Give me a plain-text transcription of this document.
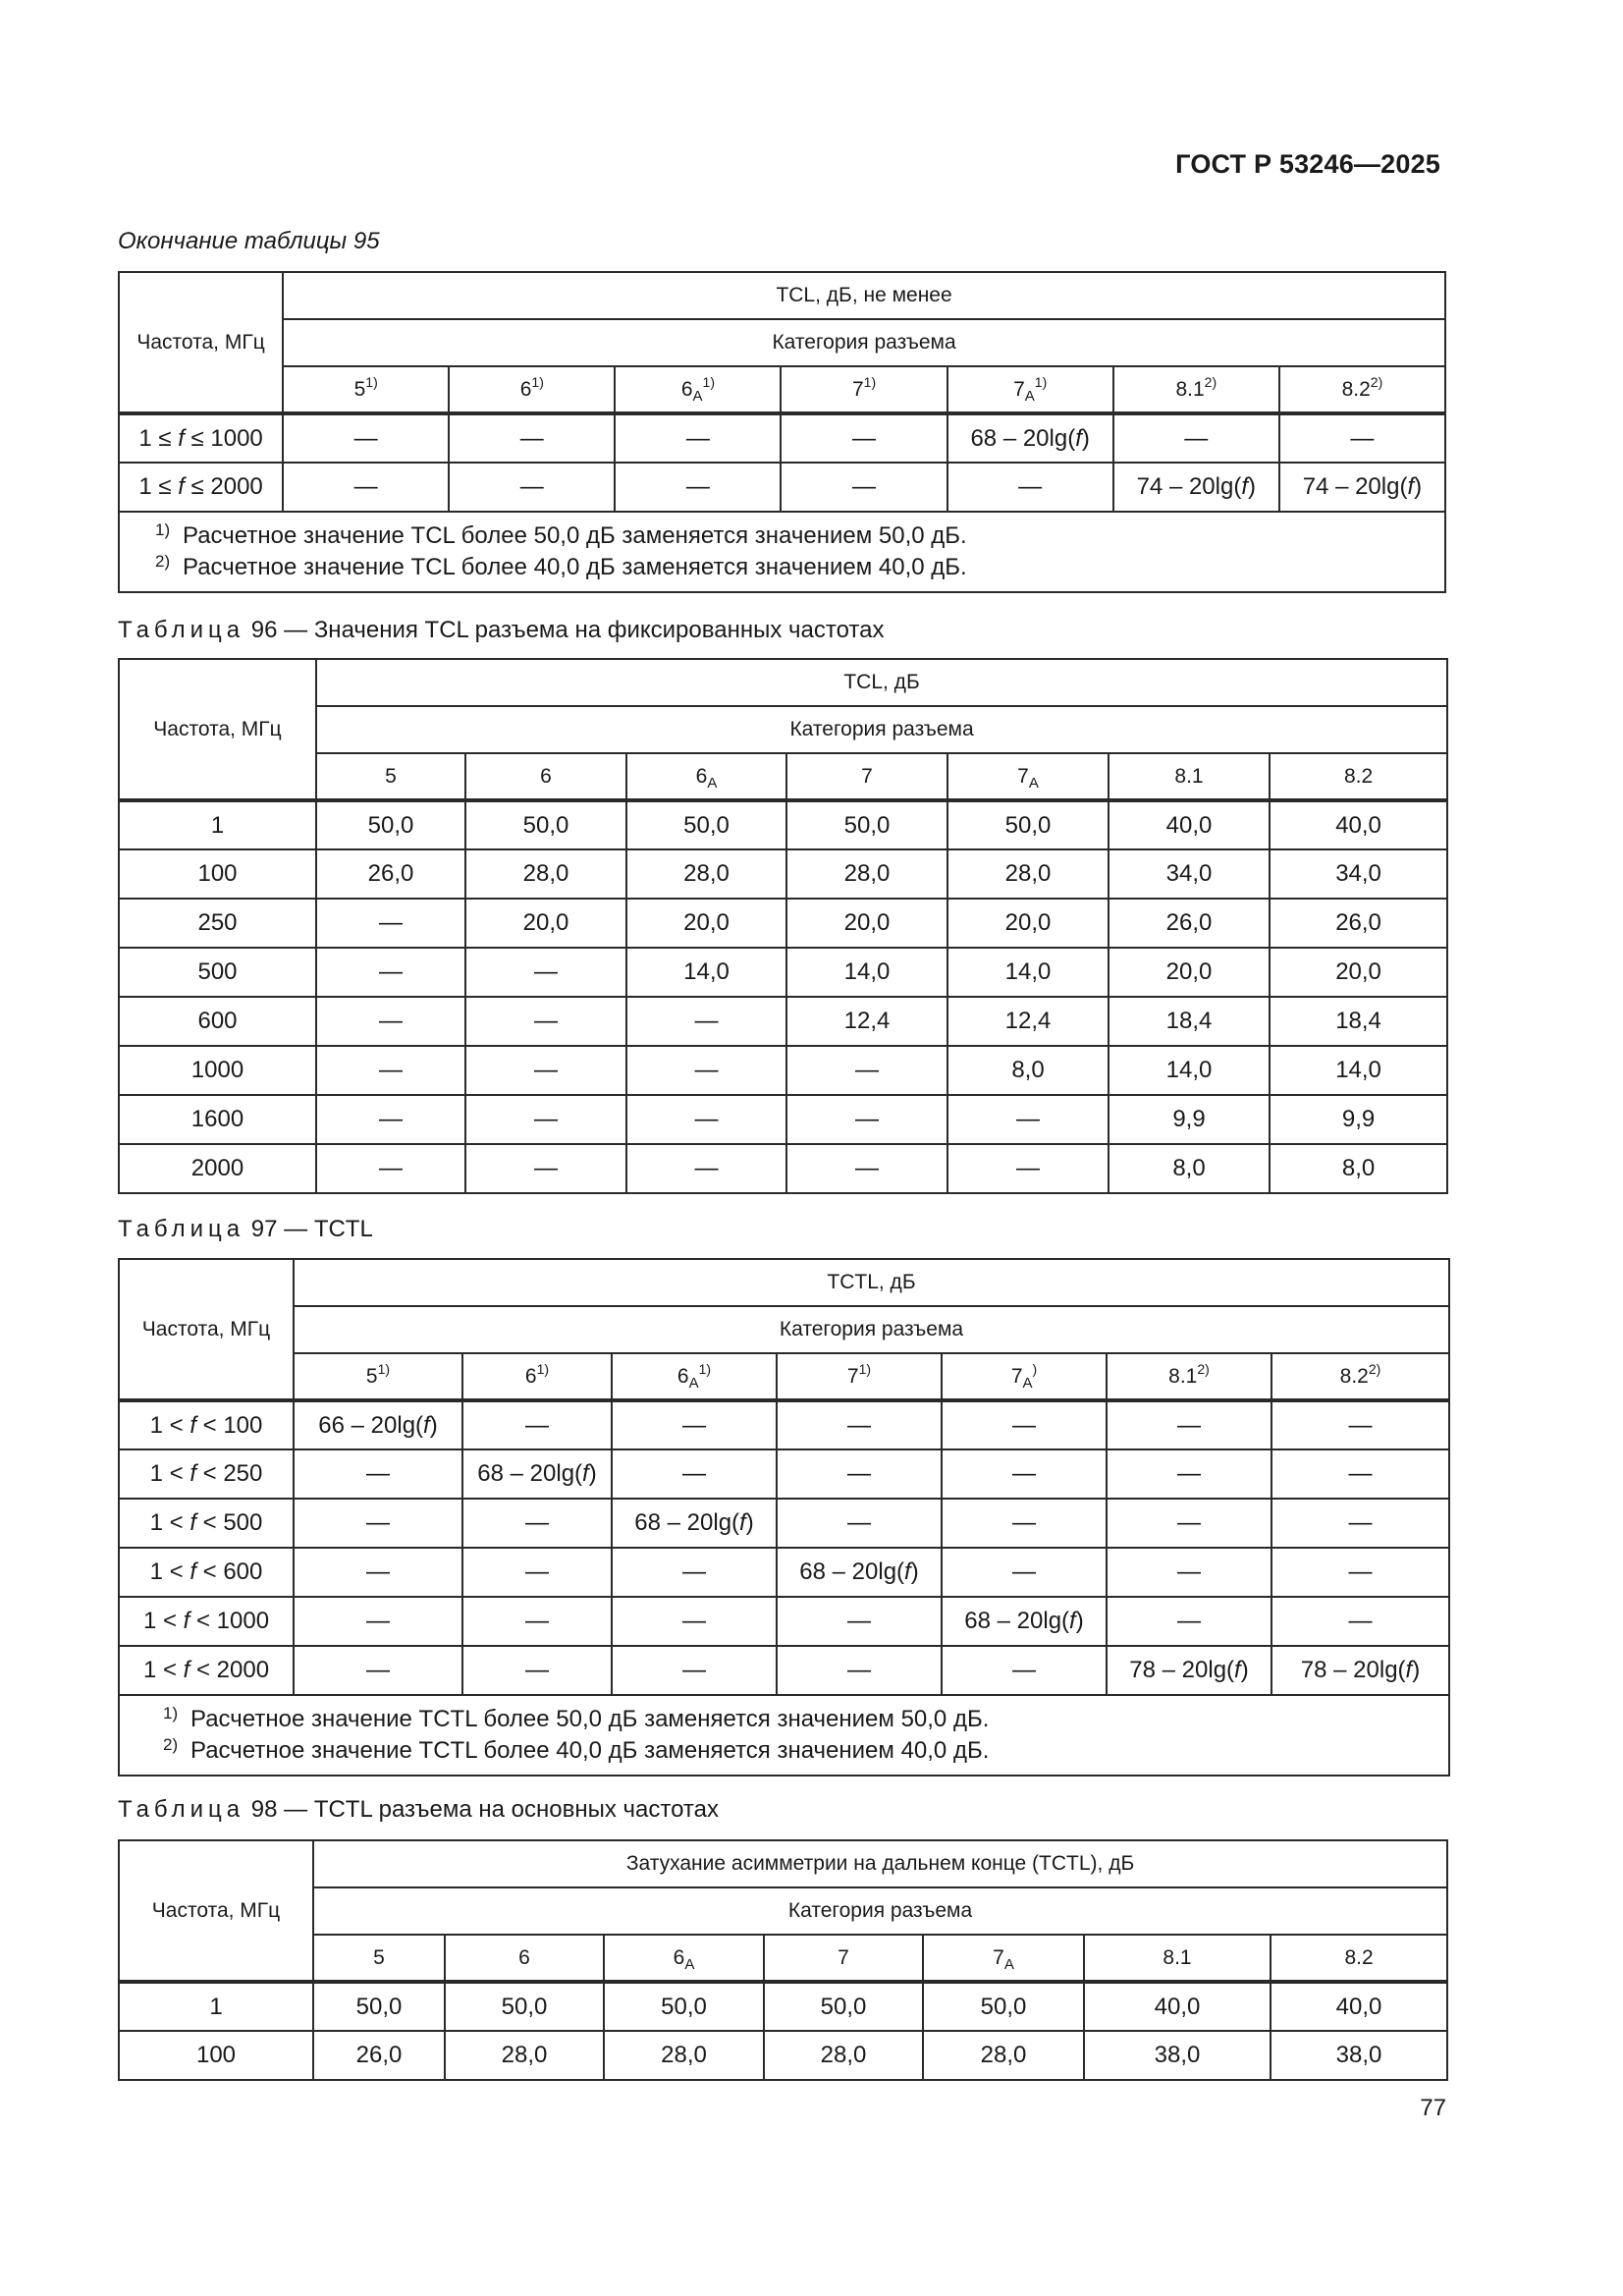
ГОСТ Р 53246—2025
Окончание таблицы 95
Частота, МГц	TCL, дБ, не менее						
	Категория разъема						
	5$^{1)}$	6$^{1)}$	$6_A^{1)}$	7$^{1)}$	$7_A^{1)}$	8.1$^{2)}$	8.2$^{2)}$
1 ≤ f ≤ 1000	—	—	—	—	68 – 20lg(f)	—	—
1 ≤ f ≤ 2000	—	—	—	—	—	74 – 20lg(f)	74 – 20lg(f)

1) Расчетное значение TCL более 50,0 дБ заменяется значением 50,0 дБ.
2) Расчетное значение TCL более 40,0 дБ заменяется значением 40,0 дБ.							
Таблица 96 — Значения TCL разъема на фиксированных частотах
Частота, МГц	TCL, дБ						
	Категория разъема						
	5	6	$6_A$	7	$7_A$	8.1	8.2
1	50,0	50,0	50,0	50,0	50,0	40,0	40,0
100	26,0	28,0	28,0	28,0	28,0	34,0	34,0
250	—	20,0	20,0	20,0	20,0	26,0	26,0
500	—	—	14,0	14,0	14,0	20,0	20,0
600	—	—	—	12,4	12,4	18,4	18,4
1000	—	—	—	—	8,0	14,0	14,0
1600	—	—	—	—	—	9,9	9,9
2000	—	—	—	—	—	8,0	8,0
Таблица 97 — TCTL
Частота, МГц	TCTL, дБ						
	Категория разъема						
	5$^{1)}$	6$^{1)}$	$6_A^{1)}$	7$^{1)}$	$7_A^)$	8.1$^{2)}$	8.2$^{2)}$
1 < f < 100	66 – 20lg(f)	—	—	—	—	—	—
1 < f < 250	—	68 – 20lg(f)	—	—	—	—	—
1 < f < 500	—	—	68 – 20lg(f)	—	—	—	—
1 < f < 600	—	—	—	68 – 20lg(f)	—	—	—
1 < f < 1000	—	—	—	—	68 – 20lg(f)	—	—
1 < f < 2000	—	—	—	—	—	78 – 20lg(f)	78 – 20lg(f)

1) Расчетное значение TCTL более 50,0 дБ заменяется значением 50,0 дБ.
2) Расчетное значение TCTL более 40,0 дБ заменяется значением 40,0 дБ.							
Таблица 98 — TCTL разъема на основных частотах
Частота, МГц	Затухание асимметрии на дальнем конце (TCTL), дБ						
	Категория разъема						
	5	6	$6_A$	7	$7_A$	8.1	8.2
1	50,0	50,0	50,0	50,0	50,0	40,0	40,0
100	26,0	28,0	28,0	28,0	28,0	38,0	38,0
77
